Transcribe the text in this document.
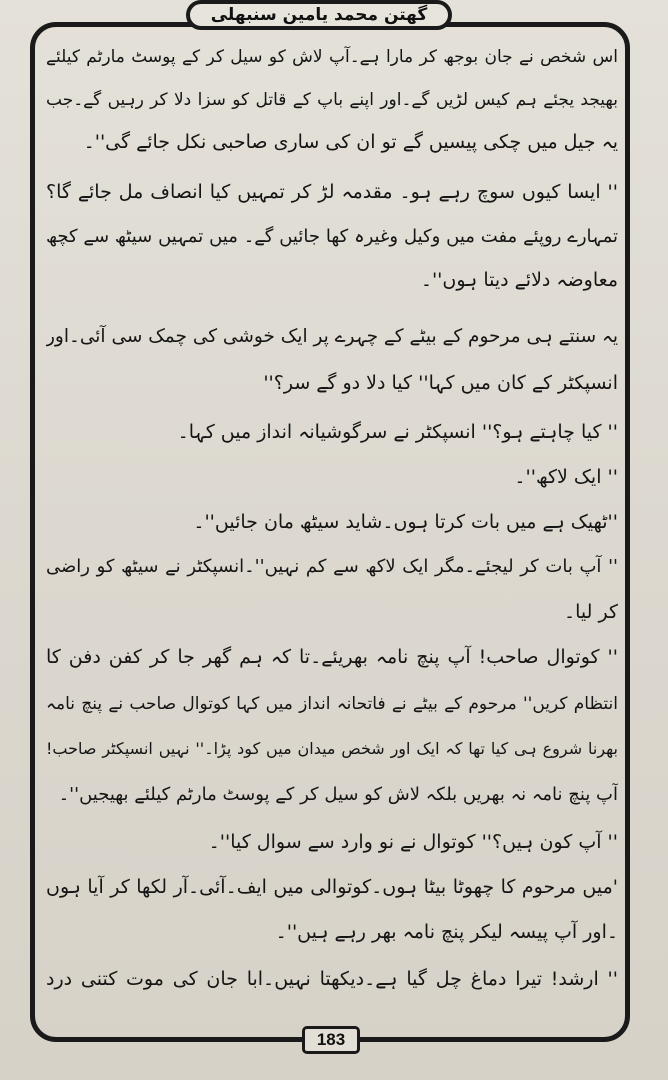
گھتن محمد یامین سنبھلی
اس شخص نے جان بوجھ کر مارا ہے۔آپ لاش کو سیل کر کے پوسٹ مارٹم کیلئے
بھیجد یجئے ہم کیس لڑیں گے۔اور اپنے باپ کے قاتل کو سزا دلا کر رہیں گے۔جب
یہ جیل میں چکی پیسیں گے تو ان کی ساری صاحبی نکل جائے گی''۔
'' ایسا کیوں سوچ رہے ہو۔ مقدمہ لڑ کر تمہیں کیا انصاف مل جائے گا؟
تمہارے روپئے مفت میں وکیل وغیرہ کھا جائیں گے۔ میں تمہیں سیٹھ سے کچھ
معاوضہ دلائے دیتا ہوں''۔
یہ سنتے ہی مرحوم کے بیٹے کے چہرے پر ایک خوشی کی چمک سی آئی۔اور
انسپکٹر کے کان میں کہا'' کیا دلا دو گے سر؟''
'' کیا چاہتے ہو؟'' انسپکٹر نے سرگوشیانہ انداز میں کہا۔
'' ایک لاکھ''۔
''ٹھیک ہے میں بات کرتا ہوں۔شاید سیٹھ مان جائیں''۔
'' آپ بات کر لیجئے۔مگر ایک لاکھ سے کم نہیں''۔انسپکٹر نے سیٹھ کو راضی
کر لیا۔
'' کوتوال صاحب! آپ پنچ نامہ بھریئے۔تا کہ ہم گھر جا کر کفن دفن کا
انتظام کریں'' مرحوم کے بیٹے نے فاتحانہ انداز میں کہا کوتوال صاحب نے پنچ نامہ
بھرنا شروع ہی کیا تھا کہ ایک اور شخص میدان میں کود پڑا۔'' نہیں انسپکٹر صاحب!
آپ پنچ نامہ نہ بھریں بلکہ لاش کو سیل کر کے پوسٹ مارٹم کیلئے بھیجیں''۔
'' آپ کون ہیں؟'' کوتوال نے نو وارد سے سوال کیا''۔
'میں مرحوم کا چھوٹا بیٹا ہوں۔کوتوالی میں ایف۔آئی۔آر لکھا کر آیا ہوں
۔اور آپ پیسہ لیکر پنچ نامہ بھر رہے ہیں''۔
'' ارشد! تیرا دماغ چل گیا ہے۔دیکھتا نہیں۔ابا جان کی موت کتنی درد
183
